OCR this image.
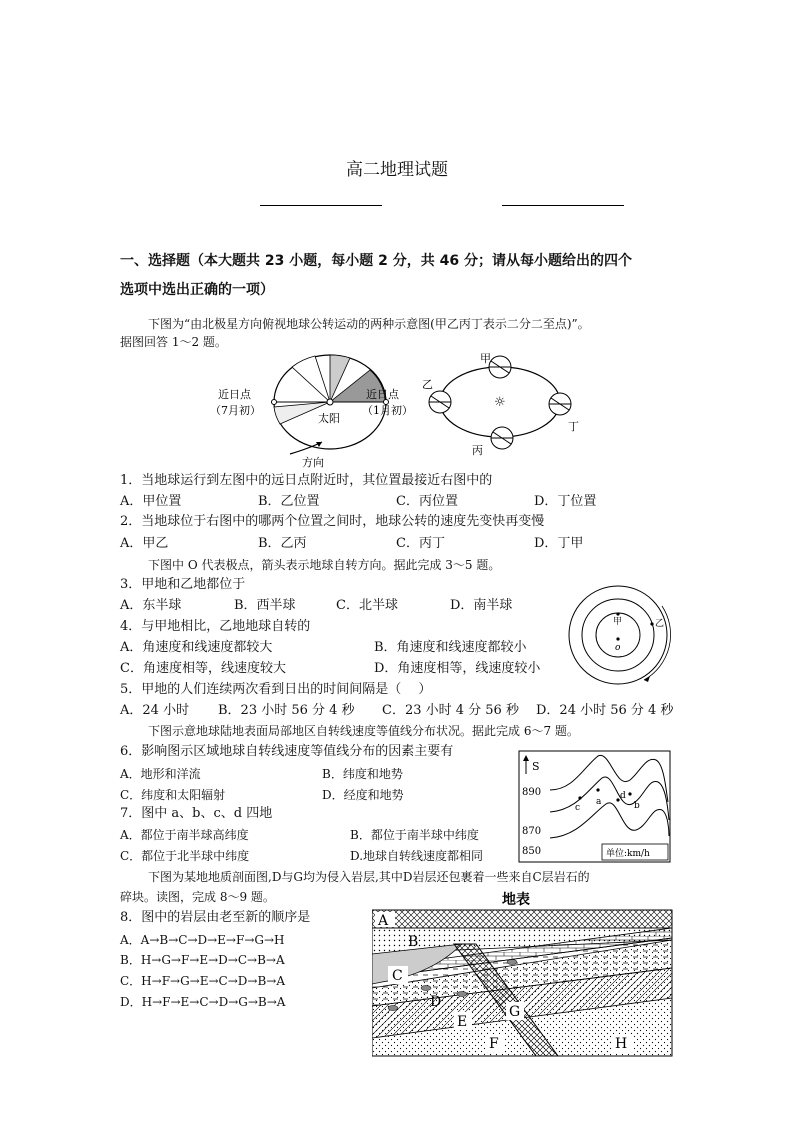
高二地理试题
一、选择题（本大题共 23 小题，每小题 2 分，共 46 分；请从每小题给出的四个
选项中选出正确的一项）
下图为“由北极星方向俯视地球公转运动的两种示意图(甲乙丙丁表示二分二至点)”。
据图回答 1～2 题。
近日点
（7月初）
太阳
近日点
（1月初）
方向
☼
甲
乙
丁
丙
1．当地球运行到左图中的远日点附近时，其位置最接近右图中的
A．甲位置	B．乙位置	C．丙位置	D．丁位置
2．当地球位于右图中的哪两个位置之间时，地球公转的速度先变快再变慢
A．甲乙	B．乙丙	C．丙丁	D．丁甲
下图中 O 代表极点，箭头表示地球自转方向。据此完成 3～5 题。
3．甲地和乙地都位于
A．东半球	B．西半球	C．北半球	D．南半球
4．与甲地相比，乙地地球自转的
A．角速度和线速度都较大	B．角速度和线速度都较小
C．角速度相等，线速度较大	D．角速度相等，线速度较小
甲	乙
o
5．甲地的人们连续两次看到日出的时间间隔是（　 ）
A．24 小时 B．23 小时 56 分 4 秒 C．23 小时 4 分 56 秒 D．24 小时 56 分 4 秒
下图示意地球陆地表面局部地区自转线速度等值线分布状况。据此完成 6～7 题。
6．影响图示区域地球自转线速度等值线分布的因素主要有
A．地形和洋流	B．纬度和地势
C．纬度和太阳辐射	D．经度和地势
7．图中 a、b、c、d 四地
A．都位于南半球高纬度	B．都位于南半球中纬度
C．都位于北半球中纬度	D.地球自转线速度都相同
S
890
870
850
a	b
c
d
单位:km/h
下图为某地地质剖面图,D与G均为侵入岩层,其中D岩层还包裹着一些来自C层岩石的
碎块。读图，完成 8～9 题。
8．图中的岩层由老至新的顺序是
A．A→B→C→D→E→F→G→H
B．H→G→F→E→D→C→B→A
C．H→F→G→E→C→D→B→A
D．H→F→E→C→D→G→B→A
地表
A
B
C
D
E
F
G
H
